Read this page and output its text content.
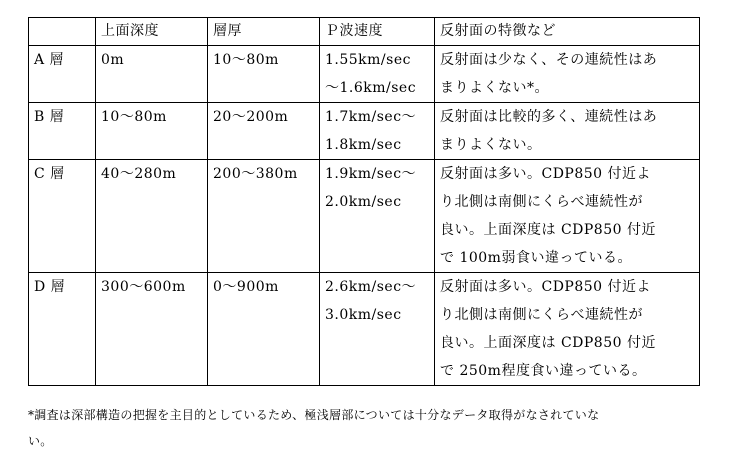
	上面深度	層厚	Ｐ波速度	反射面の特徴など
A 層	0m	10～80m	1.55km/sec
～1.6km/sec	反射面は少なく、その連続性はあ
まりよくない*。

B 層	10～80m	20～200m	1.7km/sec～
1.8km/sec	反射面は比較的多く、連続性はあ
まりよくない。

C 層	40～280m	200～380m	1.9km/sec～
2.0km/sec	反射面は多い。CDP850 付近よ
り北側は南側にくらべ連続性が
良い。上面深度は CDP850 付近
で 100m弱食い違っている。

D 層	300～600m	0～900m	2.6km/sec～
3.0km/sec	反射面は多い。CDP850 付近よ
り北側は南側にくらべ連続性が
良い。上面深度は CDP850 付近
で 250m程度食い違っている。
*調査は深部構造の把握を主目的としているため、極浅層部については十分なデータ取得がなされていな
い。
